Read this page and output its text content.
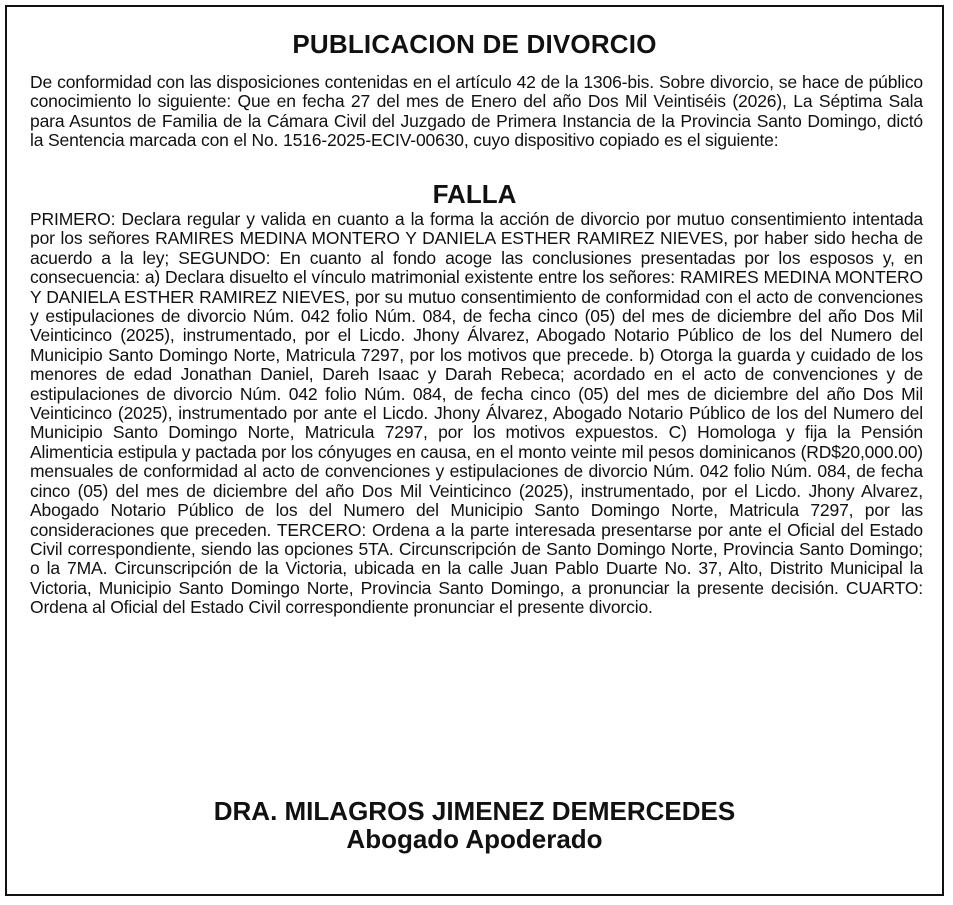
PUBLICACION DE DIVORCIO
De conformidad con las disposiciones contenidas en el artículo 42 de la 1306-bis. Sobre divorcio, se hace de público conocimiento lo siguiente: Que en fecha 27 del mes de Enero del año Dos Mil Veintiséis (2026), La Séptima Sala para Asuntos de Familia de la Cámara Civil del Juzgado de Primera Instancia de la Provincia Santo Domingo, dictó la Sentencia marcada con el No. 1516-2025-ECIV-00630, cuyo dispositivo copiado es el siguiente:
FALLA
PRIMERO: Declara regular y valida en cuanto a la forma la acción de divorcio por mutuo consentimiento intentada por los señores RAMIRES MEDINA MONTERO Y DANIELA ESTHER RAMIREZ NIEVES, por haber sido hecha de acuerdo a la ley; SEGUNDO: En cuanto al fondo acoge las conclusiones presentadas por los esposos y, en consecuencia: a) Declara disuelto el vínculo matrimonial existente entre los señores: RAMIRES MEDINA MONTERO Y DANIELA ESTHER RAMIREZ NIEVES, por su mutuo consentimiento de conformidad con el acto de convenciones y estipulaciones de divorcio Núm. 042 folio Núm. 084, de fecha cinco (05) del mes de diciembre del año Dos Mil Veinticinco (2025), instrumentado, por el Licdo. Jhony Álvarez, Abogado Notario Público de los del Numero del Municipio Santo Domingo Norte, Matricula 7297, por los motivos que precede. b) Otorga la guarda y cuidado de los menores de edad Jonathan Daniel, Dareh Isaac y Darah Rebeca; acordado en el acto de convenciones y de estipulaciones de divorcio Núm. 042 folio Núm. 084, de fecha cinco (05) del mes de diciembre del año Dos Mil Veinticinco (2025), instrumentado por ante el Licdo. Jhony Álvarez, Abogado Notario Público de los del Numero del Municipio Santo Domingo Norte, Matricula 7297, por los motivos expuestos. C) Homologa y fija la Pensión Alimenticia estipula y pactada por los cónyuges en causa, en el monto veinte mil pesos dominicanos (RD$20,000.00) mensuales de conformidad al acto de convenciones y estipulaciones de divorcio Núm. 042 folio Núm. 084, de fecha cinco (05) del mes de diciembre del año Dos Mil Veinticinco (2025), instrumentado, por el Licdo. Jhony Alvarez, Abogado Notario Público de los del Numero del Municipio Santo Domingo Norte, Matricula 7297, por las consideraciones que preceden. TERCERO: Ordena a la parte interesada presentarse por ante el Oficial del Estado Civil correspondiente, siendo las opciones 5TA. Circunscripción de Santo Domingo Norte, Provincia Santo Domingo; o la 7MA. Circunscripción de la Victoria, ubicada en la calle Juan Pablo Duarte No. 37, Alto, Distrito Municipal la Victoria, Municipio Santo Domingo Norte, Provincia Santo Domingo, a pronunciar la presente decisión. CUARTO: Ordena al Oficial del Estado Civil correspondiente pronunciar el presente divorcio.
DRA. MILAGROS JIMENEZ DEMERCEDES
Abogado Apoderado
